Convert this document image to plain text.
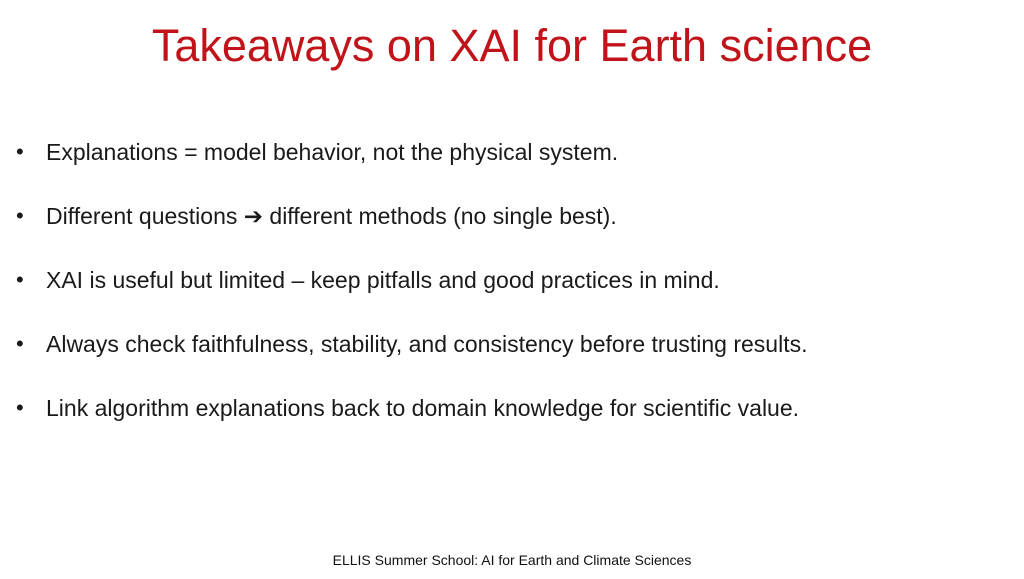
Takeaways on XAI for Earth science
• Explanations = model behavior, not the physical system.
• Different questions ➔ different methods (no single best).
• XAI is useful but limited – keep pitfalls and good practices in mind.
• Always check faithfulness, stability, and consistency before trusting results.
• Link algorithm explanations back to domain knowledge for scientific value.
ELLIS Summer School: AI for Earth and Climate Sciences
